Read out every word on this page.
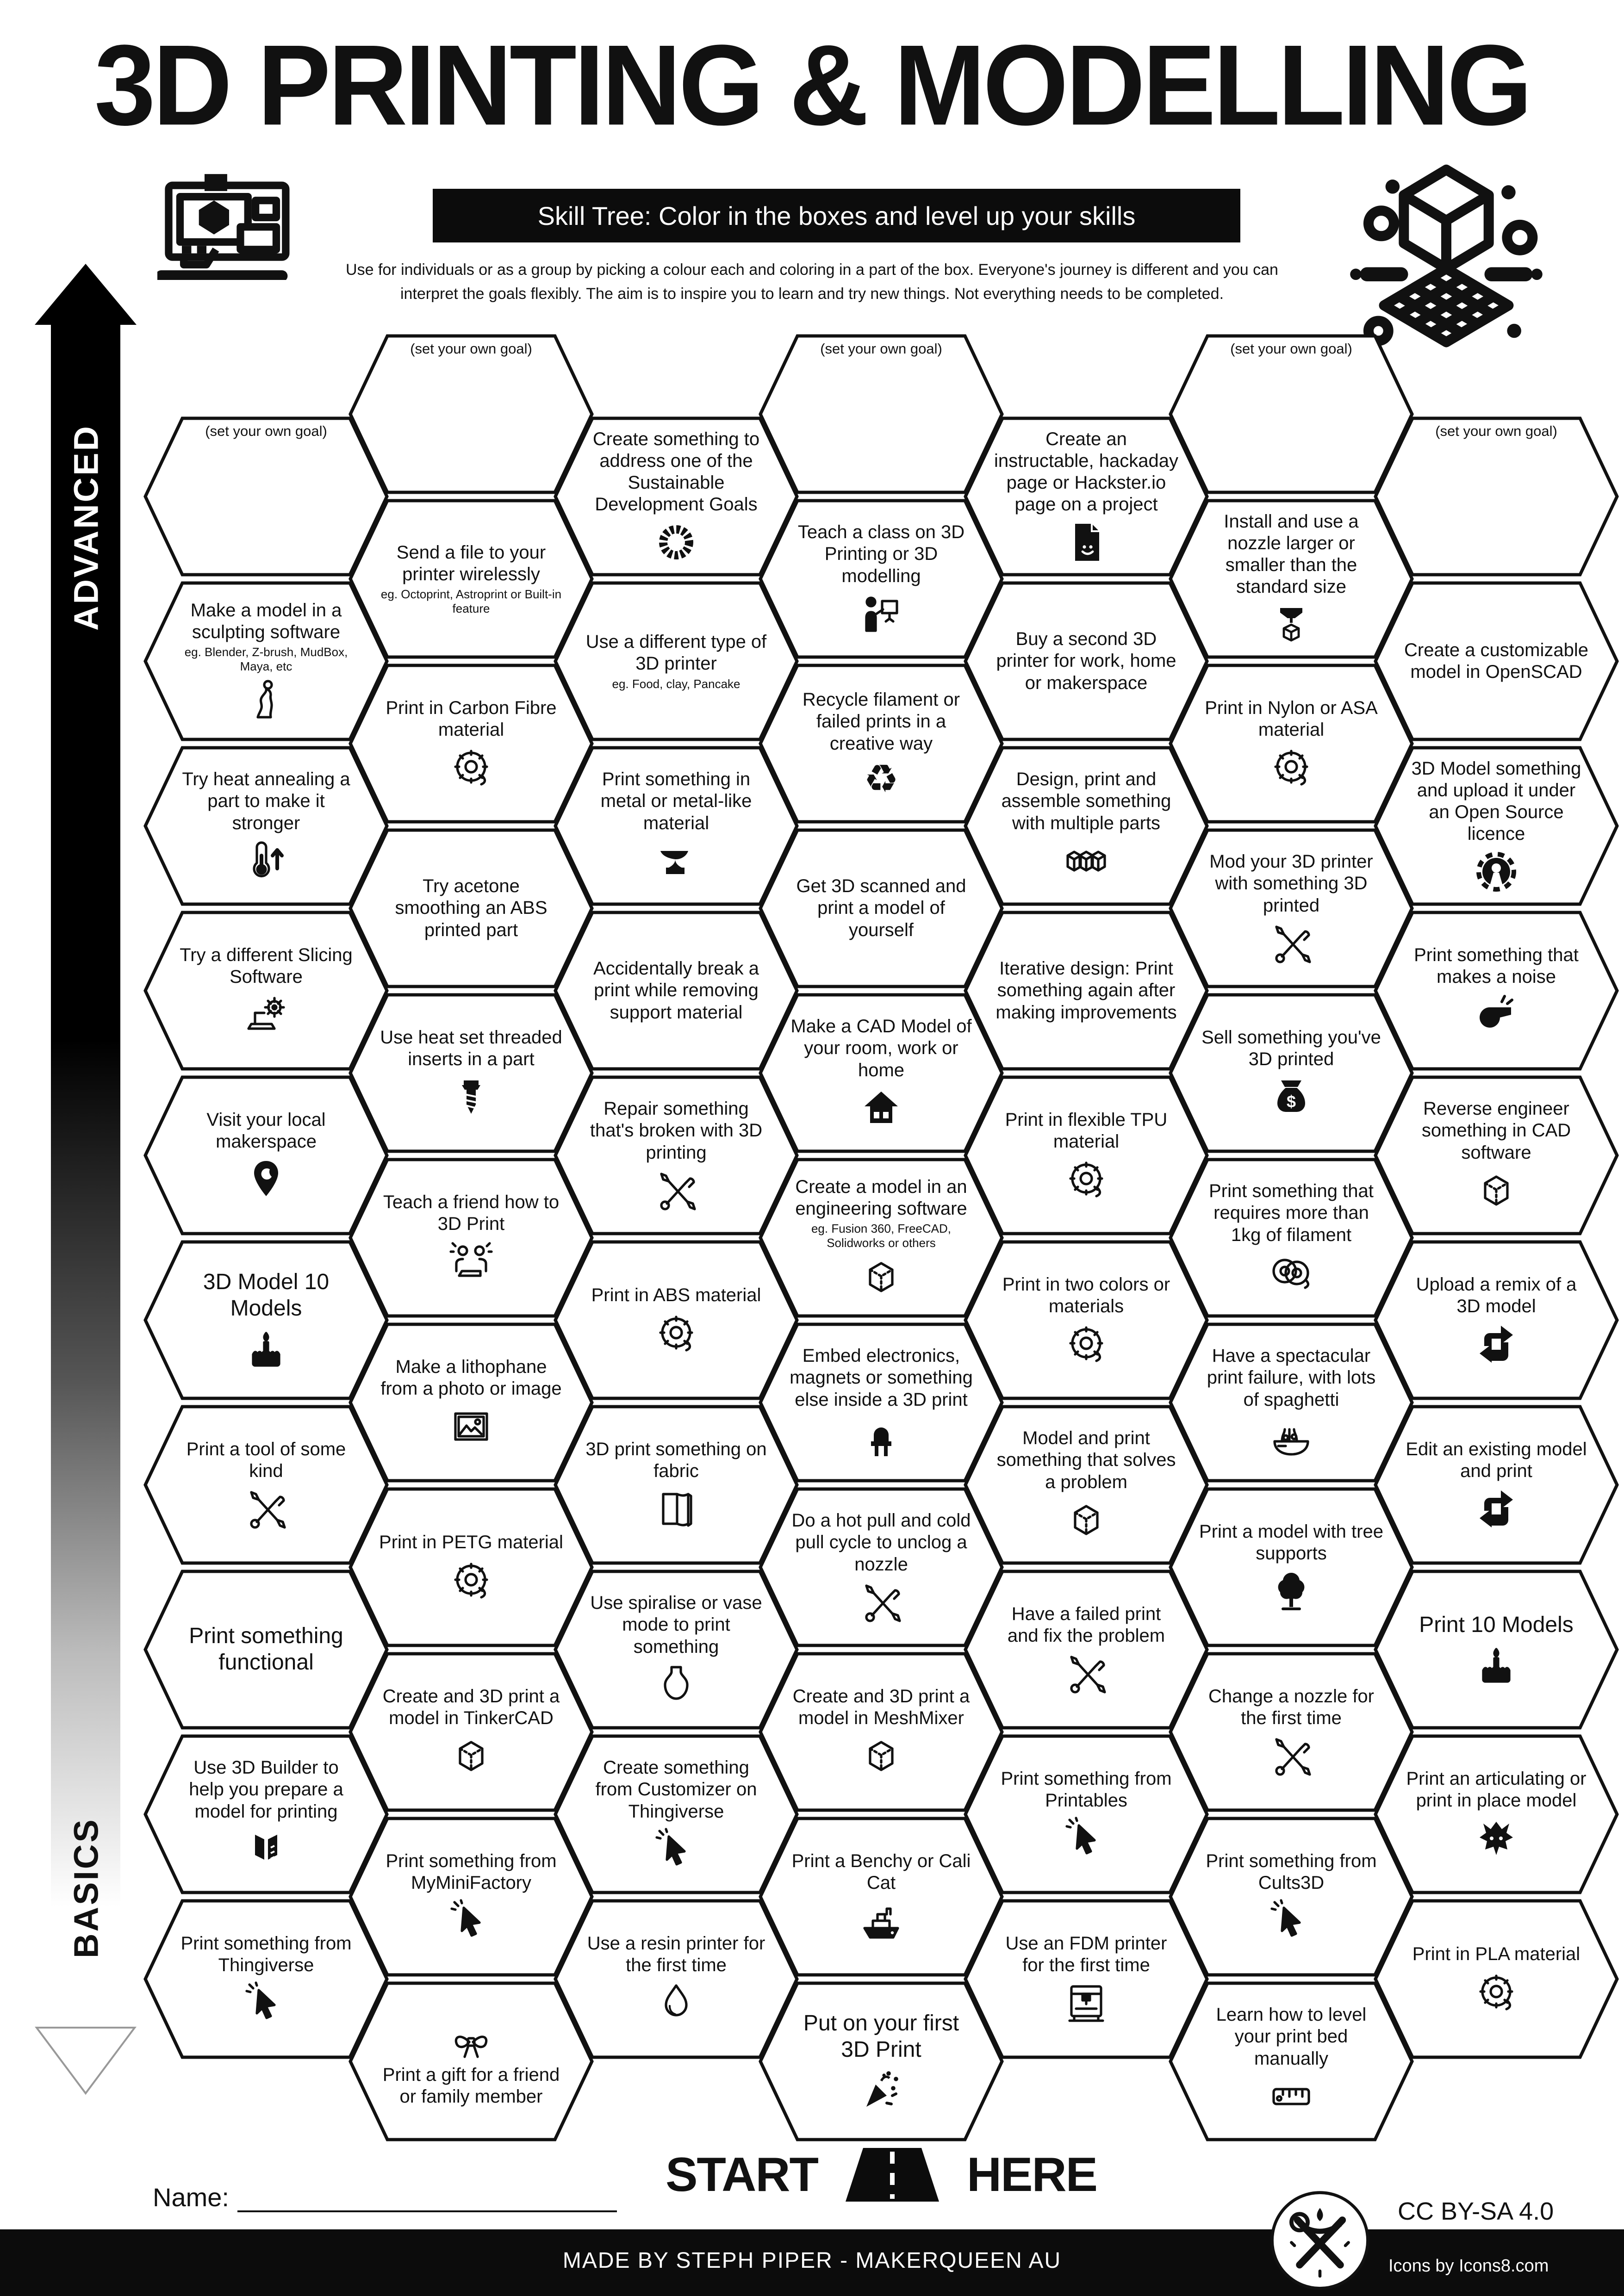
3D PRINTING & MODELLING
Skill Tree: Color in the boxes and level up your skills
Use for individuals or as a group by picking a colour each and coloring in a part of the box. Everyone's journey is different and you can
interpret the goals flexibly. The aim is to inspire you to learn and try new things. Not everything needs to be completed.
ADVANCED
BASICS
(set your own goal)
Make a model in a sculpting software
eg. Blender, Z-brush, MudBox, Maya, etc
Try heat annealing a part to make it stronger
Try a different Slicing Software
Visit your local makerspace
3D Model 10 Models
Print a tool of some kind
Print something functional
Use 3D Builder to help you prepare a model for printing
Print something from Thingiverse
(set your own goal)
Send a file to your printer wirelessly
eg. Octoprint, Astroprint or Built-in feature
Print in Carbon Fibre material
Try acetone smoothing an ABS printed part
Use heat set threaded inserts in a part
Teach a friend how to 3D Print
Make a lithophane from a photo or image
Print in PETG material
Create and 3D print a model in TinkerCAD
Print something from MyMiniFactory
Print a gift for a friend or family member
Create something to address one of the Sustainable Development Goals
Use a different type of 3D printer
eg. Food, clay, Pancake
Print something in metal or metal-like material
Accidentally break a print while removing support material
Repair something that's broken with 3D printing
Print in ABS material
3D print something on fabric
Use spiralise or vase mode to print something
Create something from Customizer on Thingiverse
Use a resin printer for the first time
(set your own goal)
Teach a class on 3D Printing or 3D modelling
Recycle filament or failed prints in a creative way
♻
Get 3D scanned and print a model of yourself
Make a CAD Model of your room, work or home
Create a model in an engineering software
eg. Fusion 360, FreeCAD, Solidworks or others
Embed electronics, magnets or something else inside a 3D print
Do a hot pull and cold pull cycle to unclog a nozzle
Create and 3D print a model in MeshMixer
Print a Benchy or Cali Cat
Put on your first 3D Print
Create an instructable, hackaday page or Hackster.io page on a project
Buy a second 3D printer for work, home or makerspace
Design, print and assemble something with multiple parts
Iterative design: Print something again after making improvements
Print in flexible TPU material
Print in two colors or materials
Model and print something that solves a problem
Have a failed print and fix the problem
Print something from Printables
Use an FDM printer for the first time
(set your own goal)
Install and use a nozzle larger or smaller than the standard size
Print in Nylon or ASA material
Mod your 3D printer with something 3D printed
Sell something you've 3D printed
$
Print something that requires more than 1kg of filament
Have a spectacular print failure, with lots of spaghetti
Print a model with tree supports
Change a nozzle for the first time
Print something from Cults3D
Learn how to level your print bed manually
(set your own goal)
Create a customizable model in OpenSCAD
3D Model something and upload it under an Open Source licence
Print something that makes a noise
Reverse engineer something in CAD software
Upload a remix of a 3D model
Edit an existing model and print
Print 10 Models
Print an articulating or print in place model
Print in PLA material
START	HERE
Name:
MADE BY STEPH PIPER - MAKERQUEEN AU
CC BY-SA 4.0
Icons by Icons8.com
